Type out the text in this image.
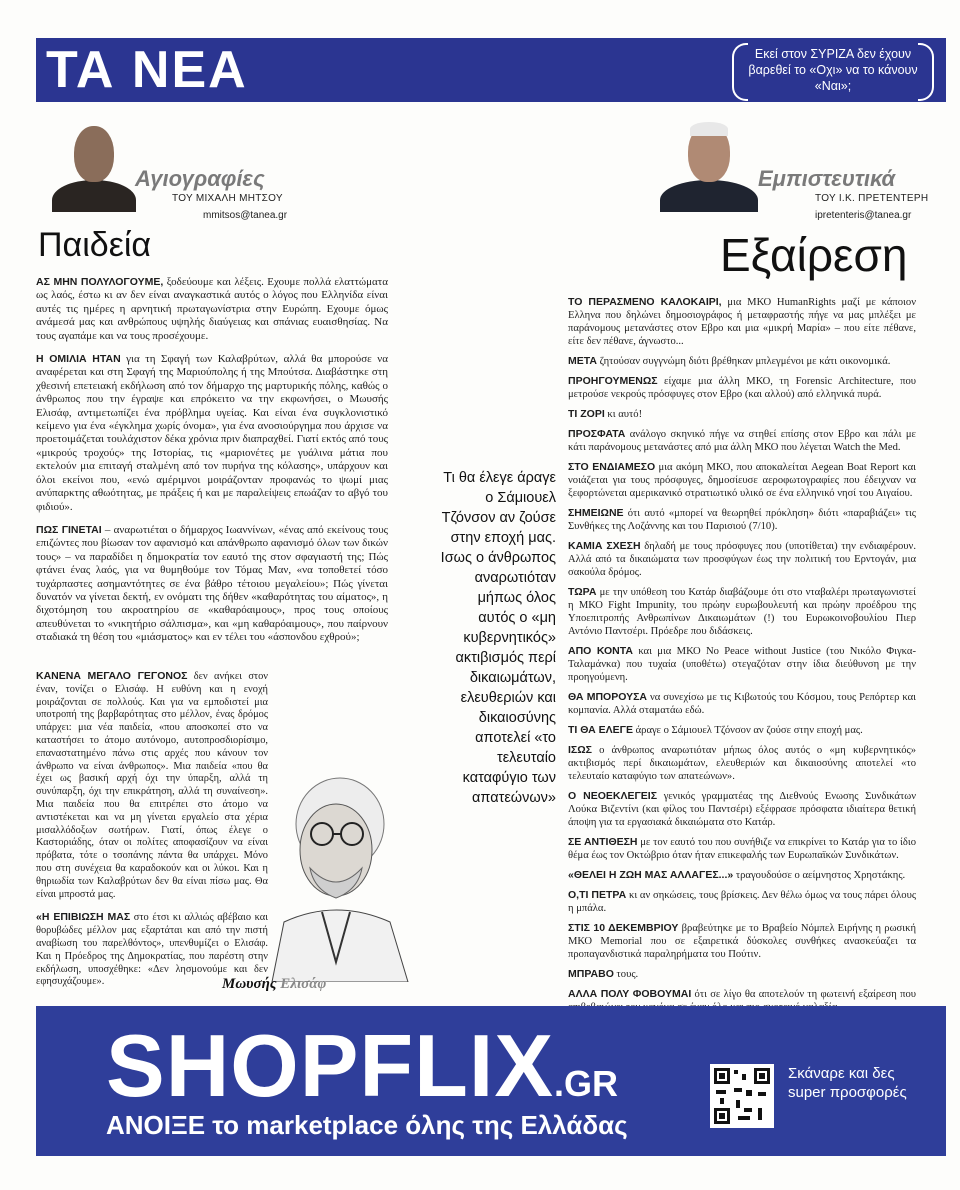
ΤΑ ΝΕΑ	Εκεί στον ΣΥΡΙΖΑ δεν έχουν βαρεθεί το «Οχι» να το κάνουν «Ναι»;
Αγιογραφίες
ΤΟΥ ΜΙΧΑΛΗ ΜΗΤΣΟΥ
mmitsos@tanea.gr
Παιδεία
Εμπιστευτικά
ΤΟΥ Ι.Κ. ΠΡΕΤΕΝΤΕΡΗ
ipretenteris@tanea.gr
Εξαίρεση

ΑΣ ΜΗΝ ΠΟΛΥΛΟΓΟΥΜΕ, ξοδεύουμε και λέξεις. Εχουμε πολλά ελαττώματα ως λαός, έστω κι αν δεν είναι αναγκαστικά αυτός ο λόγος που Ελληνίδα είναι αυτές τις ημέρες η αρνητική πρωταγωνίστρια στην Ευρώπη. Εχουμε όμως ανάμεσά μας και ανθρώπους υψηλής διαύγειας και σπάνιας ευαισθησίας. Να τους αγαπάμε και να τους προσέχουμε.

Η ΟΜΙΛΙΑ ΗΤΑΝ για τη Σφαγή των Καλαβρύτων, αλλά θα μπορούσε να αναφέρεται και στη Σφαγή της Μαριούπολης ή της Μπούτσα. Διαβάστηκε στη χθεσινή επετειακή εκδήλωση από τον δήμαρχο της μαρτυρικής πόλης, καθώς ο άνθρωπος που την έγραψε και επρόκειτο να την εκφωνήσει, ο Μωυσής Ελισάφ, αντιμετωπίζει ένα πρόβλημα υγείας. Και είναι ένα συγκλονιστικό κείμενο για ένα «έγκλημα χωρίς όνομα», για ένα ανοσιούργημα που άρχισε να προετοιμάζεται τουλάχιστον δέκα χρόνια πριν διαπραχθεί. Γιατί εκτός από τους «μικρούς τροχούς» της Ιστορίας, τις «μαριονέτες με γυάλινα μάτια που εκτελούν μια επιταγή σταλμένη από τον πυρήνα της κόλασης», υπάρχουν και όλοι εκείνοι που, «ενώ αμέριμνοι μοιράζονταν προφανώς το ψωμί μιας ανύπαρκτης αθωότητας, με πράξεις ή και με παραλείψεις επωάζαν το αβγό του φιδιού».

ΠΩΣ ΓΙΝΕΤΑΙ – αναρωτιέται ο δήμαρχος Ιωαννίνων, «ένας από εκείνους τους επιζώντες που βίωσαν τον αφανισμό και απάνθρωπο αφανισμό όλων των δικών τους» – να παραδίδει η δημοκρατία τον εαυτό της στον σφαγιαστή της; Πώς φτάνει ένας λαός, για να θυμηθούμε τον Τόμας Μαν, «να τοποθετεί τόσο τυχάρπαστες ασημαντότητες σε ένα βάθρο τέτοιου μεγαλείου»; Πώς γίνεται δυνατόν να γίνεται δεκτή, εν ονόματι της δήθεν «καθαρότητας του αίματος», η διχοτόμηση του ακροατηρίου σε «καθαρόαιμους», προς τους οποίους απευθύνεται το «νικητήριο σάλπισμα», και «μη καθαρόαιμους», που παίρνουν σταδιακά τη θέση του «μιάσματος» και εν τέλει του «άσπονδου εχθρού»;

ΚΑΝΕΝΑ ΜΕΓΑΛΟ ΓΕΓΟΝΟΣ δεν ανήκει στον έναν, τονίζει ο Ελισάφ. Η ευθύνη και η ενοχή μοιράζονται σε πολλούς. Και για να εμποδιστεί μια υποτροπή της βαρβαρότητας στο μέλλον, ένας δρόμος υπάρχει: μια νέα παιδεία, «που αποσκοπεί στο να καταστήσει το άτομο αυτόνομο, αυτοπροσδιορίσιμο, επαναστατημένο πάνω στις αρχές που κάνουν τον άνθρωπο να είναι άνθρωπος». Μια παιδεία «που θα έχει ως βασική αρχή όχι την ύπαρξη, αλλά τη συνύπαρξη, όχι την επικράτηση, αλλά τη συναίνεση». Μια παιδεία που θα επιτρέπει στο άτομο να αντιστέκεται και να μη γίνεται εργαλείο στα χέρια μισαλλόδοξων σωτήρων. Γιατί, όπως έλεγε ο Καστοριάδης, όταν οι πολίτες αποφασίζουν να είναι πρόβατα, τότε ο τσοπάνης πάντα θα υπάρχει. Μόνο που στη συνέχεια θα καραδοκούν και οι λύκοι. Και η θηριωδία των Καλαβρύτων δεν θα είναι πίσω μας. Θα είναι μπροστά μας.

«Η ΕΠΙΒΙΩΣΗ ΜΑΣ στο έτσι κι αλλιώς αβέβαιο και θορυβώδες μέλλον μας εξαρτάται και από την πιστή αναβίωση του παρελθόντος», υπενθυμίζει ο Ελισάφ. Και η Πρόεδρος της Δημοκρατίας, που παρέστη στην εκδήλωση, υποσχέθηκε: «Δεν λησμονούμε και δεν εφησυχάζουμε».	Μωυσής Ελισάφ
Τι θα έλεγε άραγε ο Σάμιουελ Τζόνσον αν ζούσε στην εποχή μας. Ισως ο άνθρωπος αναρωτιόταν μήπως όλος αυτός ο «μη κυβερνητικός» ακτιβισμός περί δικαιωμάτων, ελευθεριών και δικαιοσύνης αποτελεί «το τελευταίο καταφύγιο των απατεώνων»

ΤΟ ΠΕΡΑΣΜΕΝΟ ΚΑΛΟΚΑΙΡΙ, μια ΜΚΟ HumanRights μαζί με κάποιον Ελληνα που δηλώνει δημοσιογράφος ή μεταφραστής πήγε να μας μπλέξει με παράνομους μετανάστες στον Εβρο και μια «μικρή Μαρία» – που είτε πέθανε, είτε δεν πέθανε, άγνωστο...

ΜΕΤΑ ζητούσαν συγγνώμη διότι βρέθηκαν μπλεγμένοι με κάτι οικονομικά.

ΠΡΟΗΓΟΥΜΕΝΩΣ είχαμε μια άλλη ΜΚΟ, τη Forensic Architecture, που μετρούσε νεκρούς πρόσφυγες στον Εβρο (και αλλού) από ελληνικά πυρά.

ΤΙ ΖΟΡΙ κι αυτό!

ΠΡΟΣΦΑΤΑ ανάλογο σκηνικό πήγε να στηθεί επίσης στον Εβρο και πάλι με κάτι παράνομους μετανάστες από μια άλλη ΜΚΟ που λέγεται Watch the Med.

ΣΤΟ ΕΝΔΙΑΜΕΣΟ μια ακόμη ΜΚΟ, που αποκαλείται Aegean Boat Report και νοιάζεται για τους πρόσφυγες, δημοσίευσε αεροφωτογραφίες που έδειχναν να ξεφορτώνεται αμερικανικό στρατιωτικό υλικό σε ένα ελληνικό νησί του Αιγαίου.

ΣΗΜΕΙΩΝΕ ότι αυτό «μπορεί να θεωρηθεί πρόκληση» διότι «παραβιάζει» τις Συνθήκες της Λοζάννης και του Παρισιού (7/10).

ΚΑΜΙΑ ΣΧΕΣΗ δηλαδή με τους πρόσφυγες που (υποτίθεται) την ενδιαφέρουν. Αλλά από τα δικαιώματα των προσφύγων έως την πολιτική του Ερντογάν, μια σακούλα δρόμος.

ΤΩΡΑ με την υπόθεση του Κατάρ διαβάζουμε ότι στο νταβαλέρι πρωταγωνιστεί η ΜΚΟ Fight Impunity, του πρώην ευρωβουλευτή και πρώην προέδρου της Υποεπιτροπής Ανθρωπίνων Δικαιωμάτων (!) του Ευρωκοινοβουλίου Πιερ Αντόνιο Παντσέρι. Πρόεδρε που διδάσκεις.

ΑΠΟ ΚΟΝΤΑ και μια ΜΚΟ No Peace without Justice (του Νικόλο Φιγκα-Ταλαμάνκα) που τυχαία (υποθέτω) στεγαζόταν στην ίδια διεύθυνση με την προηγούμενη.

ΘΑ ΜΠΟΡΟΥΣΑ να συνεχίσω με τις Κιβωτούς του Κόσμου, τους Ρεπόρτερ και κομπανία. Αλλά σταματάω εδώ.

ΤΙ ΘΑ ΕΛΕΓΕ άραγε ο Σάμιουελ Τζόνσον αν ζούσε στην εποχή μας.

ΙΣΩΣ ο άνθρωπος αναρωτιόταν μήπως όλος αυτός ο «μη κυβερνητικός» ακτιβισμός περί δικαιωμάτων, ελευθεριών και δικαιοσύνης αποτελεί «το τελευταίο καταφύγιο των απατεώνων».

Ο ΝΕΟΕΚΛΕΓΕΙΣ γενικός γραμματέας της Διεθνούς Ενωσης Συνδικάτων Λούκα Βιζεντίνι (και φίλος του Παντσέρι) εξέφρασε πρόσφατα ιδιαίτερα θετική άποψη για τα εργασιακά δικαιώματα στο Κατάρ.

ΣΕ ΑΝΤΙΘΕΣΗ με τον εαυτό του που συνήθιζε να επικρίνει το Κατάρ για το ίδιο θέμα έως τον Οκτώβριο όταν ήταν επικεφαλής των Ευρωπαϊκών Συνδικάτων.

«ΘΕΛΕΙ Η ΖΩΗ ΜΑΣ ΑΛΛΑΓΕΣ...» τραγουδούσε ο αείμνηστος Χρηστάκης.

Ο,ΤΙ ΠΕΤΡΑ κι αν σηκώσεις, τους βρίσκεις. Δεν θέλω όμως να τους πάρει όλους η μπάλα.

ΣΤΙΣ 10 ΔΕΚΕΜΒΡΙΟΥ βραβεύτηκε με το Βραβείο Νόμπελ Ειρήνης η ρωσική ΜΚΟ Memorial που σε εξαιρετικά δύσκολες συνθήκες ανασκεύαζει τα προπαγανδιστικά παραληρήματα του Πούτιν.

ΜΠΡΑΒΟ τους.

ΑΛΛΑ ΠΟΛΥ ΦΟΒΟΥΜΑΙ ότι σε λίγο θα αποτελούν τη φωτεινή εξαίρεση που

SHOPFLIX.GR
ΑΝΟΙΞΕ το marketplace όλης της Ελλάδας
Σκάναρε και δες super προσφορές
